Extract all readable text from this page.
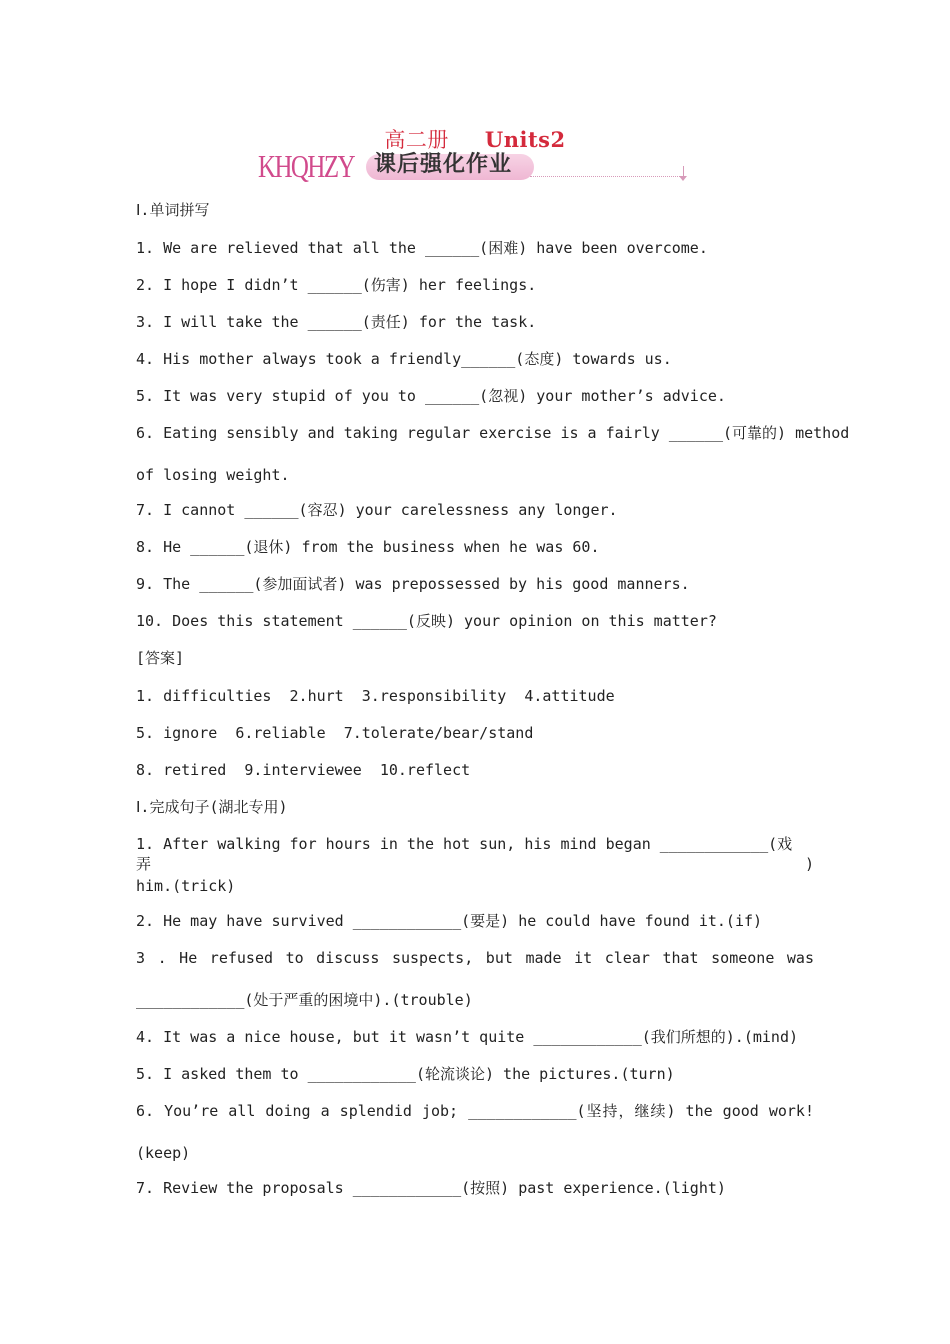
高二册 Units2
KHQHZY 课后强化作业
Ⅰ.单词拼写
1. We are relieved that all the ______(困难) have been overcome.
2. I hope I didn’t ______(伤害) her feelings.
3. I will take the ______(责任) for the task.
4. His mother always took a friendly______(态度) towards us.
5. It was very stupid of you to ______(忽视) your mother’s advice.
6. Eating sensibly and taking regular exercise is a fairly ______(可靠的) method
of losing weight.
7. I cannot ______(容忍) your carelessness any longer.
8. He ______(退休) from the business when he was 60.
9. The ______(参加面试者) was prepossessed by his good manners.
10. Does this statement ______(反映) your opinion on this matter?
[答案]
1. difficulties  2.hurt  3.responsibility  4.attitude
5. ignore  6.reliable  7.tolerate/bear/stand
8. retired  9.interviewee  10.reflect
Ⅰ.完成句子(湖北专用)
1. After walking for hours in the hot sun, his mind began ____________(戏弄)
him.(trick)
2. He may have survived ____________(要是) he could have found it.(if)
3 . He refused to discuss suspects, but made it clear that someone was
____________(处于严重的困境中).(trouble)
4. It was a nice house, but it wasn’t quite ____________(我们所想的).(mind)
5. I asked them to ____________(轮流谈论) the pictures.(turn)
6. You’re all doing a splendid job; ____________(坚持，继续) the good work!
(keep)
7. Review the proposals ____________(按照) past experience.(light)
